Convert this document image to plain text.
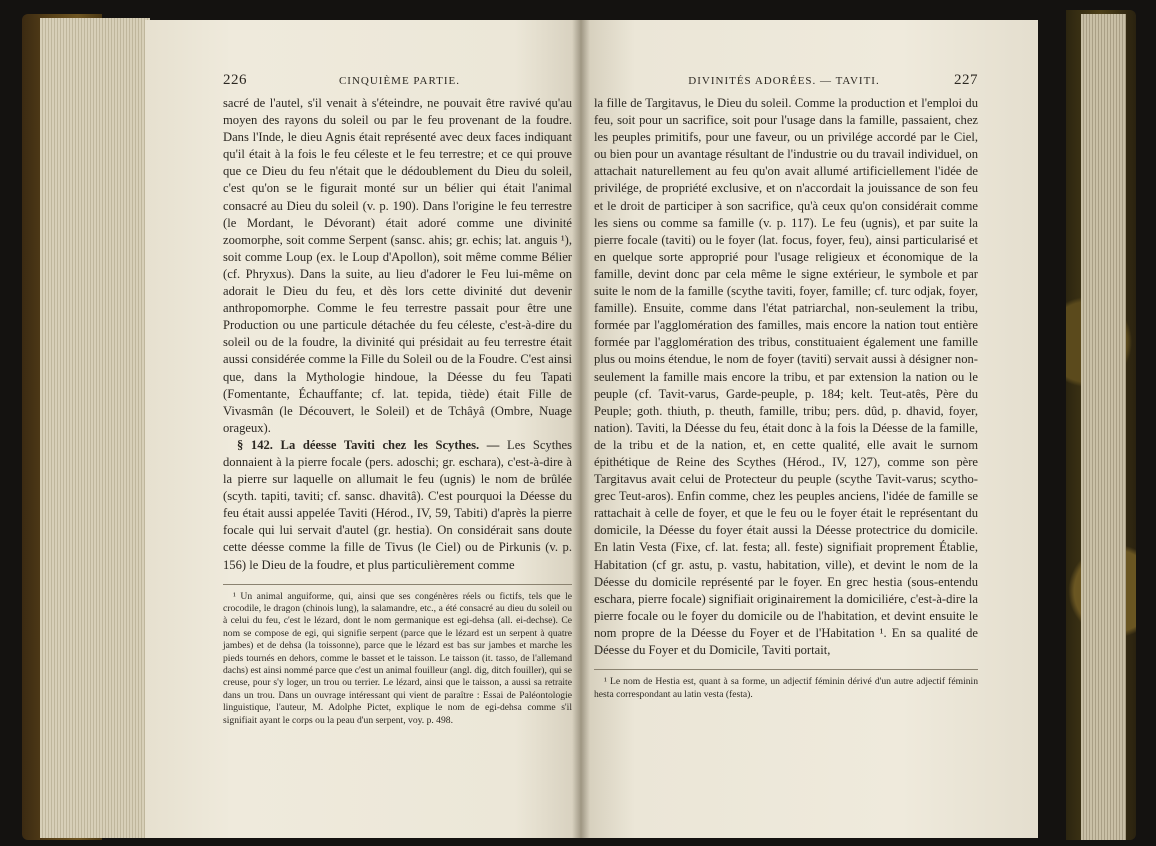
226	CINQUIÈME PARTIE.

sacré de l'autel, s'il venait à s'éteindre, ne pouvait être ravivé qu'au moyen des rayons du soleil ou par le feu provenant de la foudre. Dans l'Inde, le dieu Agnis était représenté avec deux faces indiquant qu'il était à la fois le feu céleste et le feu terrestre; et ce qui prouve que ce Dieu du feu n'était que le dédoublement du Dieu du soleil, c'est qu'on se le figurait monté sur un bélier qui était l'animal consacré au Dieu du soleil (v. p. 190). Dans l'origine le feu terrestre (le Mordant, le Dévorant) était adoré comme une divinité zoomorphe, soit comme Serpent (sansc. ahis; gr. echis; lat. anguis ¹), soit comme Loup (ex. le Loup d'Apollon), soit même comme Bélier (cf. Phryxus). Dans la suite, au lieu d'adorer le Feu lui-même on adorait le Dieu du feu, et dès lors cette divinité dut devenir anthropomorphe. Comme le feu terrestre passait pour être une Production ou une particule détachée du feu céleste, c'est-à-dire du soleil ou de la foudre, la divinité qui présidait au feu terrestre était aussi considérée comme la Fille du Soleil ou de la Foudre. C'est ainsi que, dans la Mythologie hindoue, la Déesse du feu Tapati (Fomentante, Échauffante; cf. lat. tepida, tiède) était Fille de Vivasmân (le Découvert, le Soleil) et de Tchâyâ (Ombre, Nuage orageux).

§ 142. La déesse Taviti chez les Scythes. — Les Scythes donnaient à la pierre focale (pers. adoschi; gr. eschara), c'est-à-dire à la pierre sur laquelle on allumait le feu (ugnis) le nom de brûlée (scyth. tapiti, taviti; cf. sansc. dhavitâ). C'est pourquoi la Déesse du feu était aussi appelée Taviti (Hérod., IV, 59, Tabiti) d'après la pierre focale qui lui servait d'autel (gr. hestia). On considérait sans doute cette déesse comme la fille de Tivus (le Ciel) ou de Pirkunis (v. p. 156) le Dieu de la foudre, et plus particulièrement comme

¹ Un animal anguiforme, qui, ainsi que ses congénères réels ou fictifs, tels que le crocodile, le dragon (chinois lung), la salamandre, etc., a été consacré au dieu du soleil ou à celui du feu, c'est le lézard, dont le nom germanique est egi-dehsa (all. ei-dechse). Ce nom se compose de egi, qui signifie serpent (parce que le lézard est un serpent à quatre jambes) et de dehsa (la toissonne), parce que le lézard est bas sur jambes et marche les pieds tournés en dehors, comme le basset et le taisson. Le taisson (it. tasso, de l'allemand dachs) est ainsi nommé parce que c'est un animal fouilleur (angl. dig, ditch fouiller), qui se creuse, pour s'y loger, un trou ou terrier. Le lézard, ainsi que le taisson, a aussi sa retraite dans un trou. Dans un ouvrage intéressant qui vient de paraître : Essai de Paléontologie linguistique, l'auteur, M. Adolphe Pictet, explique le nom de egi-dehsa comme s'il signifiait ayant le corps ou la peau d'un serpent, voy. p. 498.

DIVINITÉS ADORÉES. — TAVITI.	227

la fille de Targitavus, le Dieu du soleil. Comme la production et l'emploi du feu, soit pour un sacrifice, soit pour l'usage dans la famille, passaient, chez les peuples primitifs, pour une faveur, ou un privilége accordé par le Ciel, ou bien pour un avantage résultant de l'industrie ou du travail individuel, on attachait naturellement au feu qu'on avait allumé artificiellement l'idée de privilége, de propriété exclusive, et on n'accordait la jouissance de son feu et le droit de participer à son sacrifice, qu'à ceux qu'on considérait comme les siens ou comme sa famille (v. p. 117). Le feu (ugnis), et par suite la pierre focale (taviti) ou le foyer (lat. focus, foyer, feu), ainsi particularisé et en quelque sorte approprié pour l'usage religieux et économique de la famille, devint donc par cela même le signe extérieur, le symbole et par suite le nom de la famille (scythe taviti, foyer, famille; cf. turc odjak, foyer, famille). Ensuite, comme dans l'état patriarchal, non-seulement la tribu, formée par l'agglomération des familles, mais encore la nation tout entière formée par l'agglomération des tribus, constituaient également une famille plus ou moins étendue, le nom de foyer (taviti) servait aussi à désigner non-seulement la famille mais encore la tribu, et par extension la nation ou le peuple (cf. Tavit-varus, Garde-peuple, p. 184; kelt. Teut-atês, Père du Peuple; goth. thiuth, p. theuth, famille, tribu; pers. dûd, p. dhavid, foyer, nation). Taviti, la Déesse du feu, était donc à la fois la Déesse de la famille, de la tribu et de la nation, et, en cette qualité, elle avait le surnom épithétique de Reine des Scythes (Hérod., IV, 127), comme son père Targitavus avait celui de Protecteur du peuple (scythe Tavit-varus; scytho-grec Teut-aros). Enfin comme, chez les peuples anciens, l'idée de famille se rattachait à celle de foyer, et que le feu ou le foyer était le représentant du domicile, la Déesse du foyer était aussi la Déesse protectrice du domicile. En latin Vesta (Fixe, cf. lat. festa; all. feste) signifiait proprement Établie, Habitation (cf gr. astu, p. vastu, habitation, ville), et devint le nom de la Déesse du domicile représenté par le foyer. En grec hestia (sous-entendu eschara, pierre focale) signifiait originairement la domiciliére, c'est-à-dire la pierre focale ou le foyer du domicile ou de l'habitation, et devint ensuite le nom propre de la Déesse du Foyer et de l'Habitation ¹. En sa qualité de Déesse du Foyer et du Domicile, Taviti portait,

¹ Le nom de Hestia est, quant à sa forme, un adjectif féminin dérivé d'un autre adjectif féminin hesta correspondant au latin vesta (festa).
